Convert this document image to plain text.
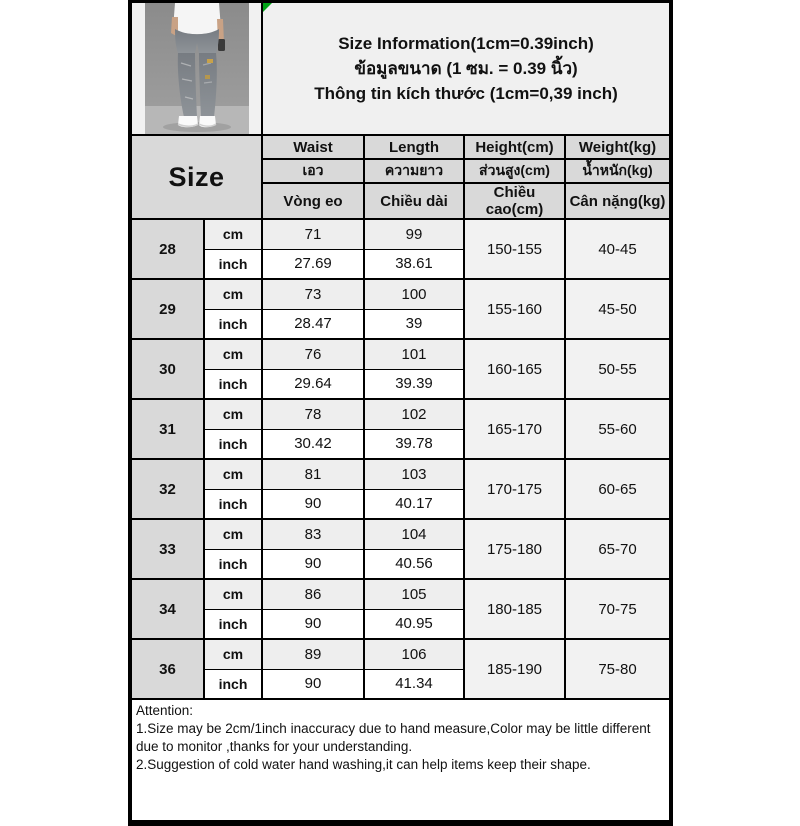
Size Information(1cm=0.39inch)
ข้อมูลขนาด (1 ซม. = 0.39 นิ้ว)
Thông tin kích thước (1cm=0,39 inch)			

Size		Waist	Length	Height(cm)	Weight(kg)
		เอว	ความยาว	ส่วนสูง(cm)	น้ำหนัก(kg)
		Vòng eo	Chiều dài	Chiều cao(cm)	Cân nặng(kg)
28	cm	71	99	150-155	40-45
	inch	27.69	38.61		
29	cm	73	100	155-160	45-50
	inch	28.47	39		
30	cm	76	101	160-165	50-55
	inch	29.64	39.39		
31	cm	78	102	165-170	55-60
	inch	30.42	39.78		
32	cm	81	103	170-175	60-65
	inch	90	40.17		
33	cm	83	104	175-180	65-70
	inch	90	40.56		
34	cm	86	105	180-185	70-75
	inch	90	40.95		
36	cm	89	106	185-190	75-80
	inch	90	41.34		

Attention:
1.Size may be 2cm/1inch inaccuracy due to hand measure,Color may be little different due to monitor ,thanks for your understanding.
2.Suggestion of cold water hand washing,it can help items keep their shape.					
